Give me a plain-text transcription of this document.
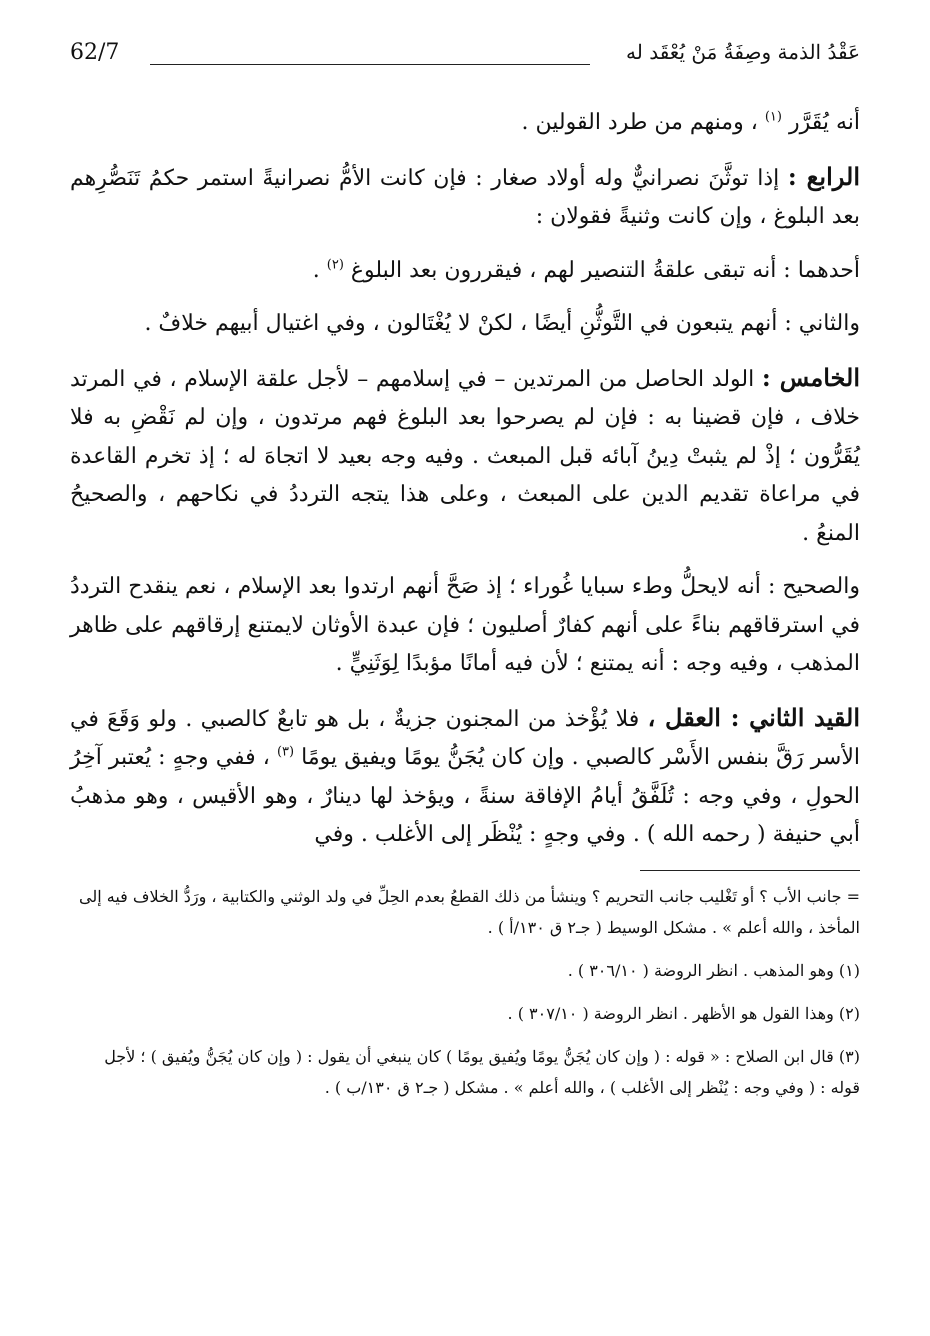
عَقْدُ الذمة وصِفَةُ مَنْ يُعْقَد له
62/7

أنه يُقَرَّر $^{(١)}$ ، ومنهم من طرد القولين .

الرابع : إذا توثَّنَ نصرانيٌّ وله أولاد صغار : فإن كانت الأمُّ نصرانيةً استمر حكمُ تَنَصُّرِهم بعد البلوغ ، وإن كانت وثنيةً فقولان :

أحدهما : أنه تبقى علقةُ التنصير لهم ، فيقررون بعد البلوغ $^{(٢)}$ .

والثاني : أنهم يتبعون في التَّوثُّنِ أيضًا ، لكنْ لا يُغْتَالون ، وفي اغتيال أبيهم خلافٌ .

الخامس : الولد الحاصل من المرتدين – في إسلامهم – لأجل علقة الإسلام ، في المرتد خلاف ، فإن قضينا به : فإن لم يصرحوا بعد البلوغ فهم مرتدون ، وإن لم نَقْضِ به فلا يُقَرُّون ؛ إذْ لم يثبتْ دِينُ آبائه قبل المبعث . وفيه وجه بعيد لا اتجاهَ له ؛ إذ تخرم القاعدة في مراعاة تقديم الدين على المبعث ، وعلى هذا يتجه الترددُ في نكاحهم ، والصحيحُ المنعُ .

والصحيح : أنه لايحلُّ وطء سبايا غُوراء ؛ إذ صَحَّ أنهم ارتدوا بعد الإسلام ، نعم ينقدح الترددُ في استرقاقهم بناءً على أنهم كفارٌ أصليون ؛ فإن عبدة الأوثان لايمتنع إرقاقهم على ظاهر المذهب ، وفيه وجه : أنه يمتنع ؛ لأن فيه أمانًا مؤبدًا لِوَثَنِيٍّ .

القيد الثاني : العقل ، فلا يُؤْخذ من المجنون جزيةٌ ، بل هو تابعٌ كالصبي . ولو وَقَعَ في الأسر رَقَّ بنفس الأَسْر كالصبي . وإن كان يُجَنُّ يومًا ويفيق يومًا $^{(٣)}$ ، ففي وجهٍ : يُعتبر آخِرُ الحولِ ، وفي وجه : تُلَفَّقُ أيامُ الإفاقة سنةً ، ويؤخذ لها دينارٌ ، وهو الأقيس ، وهو مذهبُ أبي حنيفة ( رحمه الله ) . وفي وجهٍ : يُنْظَر إلى الأغلب . وفي

= جانب الأب ؟ أو تَغْليب جانب التحريم ؟ وينشأ من ذلك القطعُ بعدم الحِلِّ في ولد الوثني والكتابية ، ورَدُّ الخلاف فيه إلى المأخذ ، والله أعلم » . مشكل الوسيط ( جـ٢ ق ١٣٠/أ ) .

(١) وهو المذهب . انظر الروضة ( ٣٠٦/١٠ ) .

(٢) وهذا القول هو الأظهر . انظر الروضة ( ٣٠٧/١٠ ) .

(٣) قال ابن الصلاح : « قوله : ( وإن كان يُجَنُّ يومًا ويُفيق يومًا ) كان ينبغي أن يقول : ( وإن كان يُجَنُّ ويُفيق ) ؛ لأجل قوله : ( وفي وجه : يُنْظر إلى الأغلب ) ، والله أعلم » . مشكل ( جـ٢ ق ١٣٠/ب ) .
